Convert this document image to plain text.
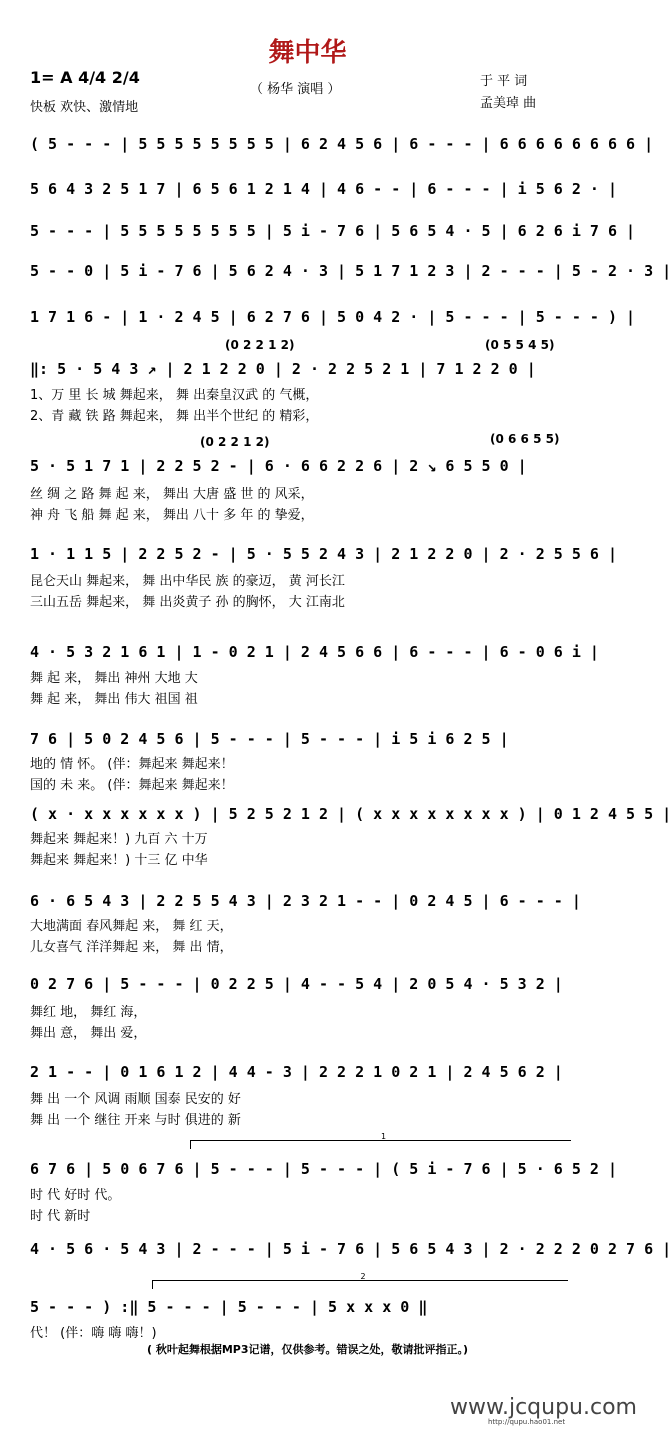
舞中华
1= A 4/4 2/4
快板 欢快、激情地
（ 杨华 演唱 ）
于 平 词
孟美琸 曲
( 5 - - - | 5 5 5 5 5 5 5 5 | 6 2 4 5 6 | 6 - - - | 6 6 6 6 6 6 6 6 |
5 6 4 3 2 5 1 7 | 6 5 6 1 2 1 4 | 4 6 - - | 6 - - - | i 5 6 2 · |
5 - - - | 5 5 5 5 5 5 5 5 | 5 i - 7 6 | 5 6 5 4 · 5 | 6 2 6 i 7 6 |
5 - - 0 | 5 i - 7 6 | 5 6 2 4 · 3 | 5 1 7 1 2 3 | 2 - - - | 5 - 2 · 3 |
1 7 1 6 - | 1 · 2 4 5 | 6 2 7 6 | 5 0 4 2 · | 5 - - - | 5 - - - ) |
(0 2 2 1 2)	(0 5 5 4 5)
‖: 5 · 5 4 3 ↗ | 2 1 2 2 0 | 2 · 2 2 5 2 1 | 7 1 2 2 0 |
1、万 里 长 城 舞起来， 舞 出秦皇汉武 的 气概，
2、青 藏 铁 路 舞起来， 舞 出半个世纪 的 精彩，
(0 2 2 1 2)	(0 6 6 5 5)
5 · 5 1 7 1 | 2 2 5 2 - | 6 · 6 6 2 2 6 | 2 ↘ 6 5 5 0 |
丝 绸 之 路 舞 起 来， 舞出 大唐 盛 世 的 风采，
神 舟 飞 船 舞 起 来， 舞出 八十 多 年 的 挚爱，
1 · 1 1 5 | 2 2 5 2 - | 5 · 5 5 2 4 3 | 2 1 2 2 0 | 2 · 2 5 5 6 |
昆仑天山 舞起来， 舞 出中华民 族 的豪迈， 黄 河长江
三山五岳 舞起来， 舞 出炎黄子 孙 的胸怀， 大 江南北
4 · 5 3 2 1 6 1 | 1 - 0 2 1 | 2 4 5 6 6 | 6 - - - | 6 - 0 6 i |
舞 起 来， 舞出 神州 大地 大
舞 起 来， 舞出 伟大 祖国 祖
7 6 | 5 0 2 4 5 6 | 5 - - - | 5 - - - | i 5 i 6 2 5 |
地的 情 怀。 (伴：舞起来 舞起来！
国的 未 来。 (伴：舞起来 舞起来！
( x · x x x x x x ) | 5 2 5 2 1 2 | ( x x x x x x x x ) | 0 1 2 4 5 5 |
舞起来 舞起来！) 九百 六 十万
舞起来 舞起来！) 十三 亿 中华
6 · 6 5 4 3 | 2 2 5 5 4 3 | 2 3 2 1 - - | 0 2 4 5 | 6 - - - |
大地满面 春风舞起 来， 舞 红 天，
儿女喜气 洋洋舞起 来， 舞 出 情，
0 2 7 6 | 5 - - - | 0 2 2 5 | 4 - - 5 4 | 2 0 5 4 · 5 3 2 |
舞红 地， 舞红 海，
舞出 意， 舞出 爱，
2 1 - - | 0 1 6 1 2 | 4 4 - 3 | 2 2 2 1 0 2 1 | 2 4 5 6 2 |
舞 出 一个 风调 雨顺 国泰 民安的 好
舞 出 一个 继往 开来 与时 俱进的 新
1
6 7 6 | 5 0 6 7 6 | 5 - - - | 5 - - - | ( 5 i - 7 6 | 5 · 6 5 2 |
时 代 好时 代。
时 代 新时
4 · 5 6 · 5 4 3 | 2 - - - | 5 i - 7 6 | 5 6 5 4 3 | 2 · 2 2 2 0 2 7 6 |
2
5 - - - ) :‖ 5 - - - | 5 - - - | 5 x x x 0 ‖
代！ (伴：嗨 嗨 嗨！)
( 秋叶起舞根据MP3记谱，仅供参考。错误之处，敬请批评指正。)
www.jcqupu.com
http://qupu.hao01.net
